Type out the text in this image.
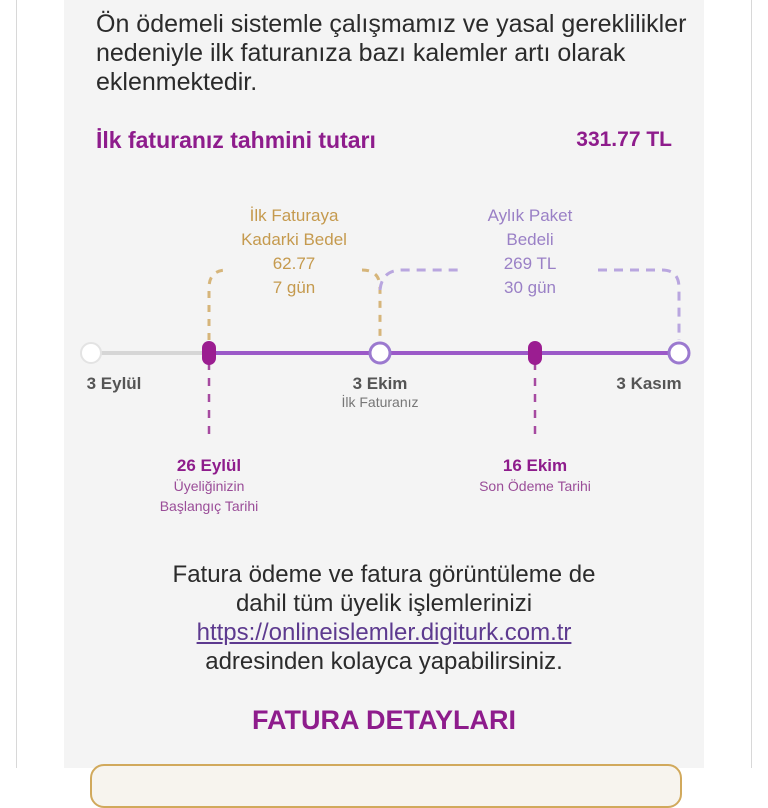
Ön ödemeli sistemle çalışmamız ve yasal gereklilikler nedeniyle ilk faturanıza bazı kalemler artı olarak eklenmektedir.
İlk faturanız tahmini tutarı	331.77 TL
İlk Faturaya
Kadarki Bedel
62.77
7 gün
Aylık Paket
Bedeli
269 TL
30 gün
3 Eylül	3 Ekim
İlk Faturanız
3 Kasım
26 Eylül
Üyeliğinizin
Başlangıç Tarihi
16 Ekim
Son Ödeme Tarihi
Fatura ödeme ve fatura görüntüleme de
dahil tüm üyelik işlemlerinizi
https://onlineislemler.digiturk.com.tr
adresinden kolayca yapabilirsiniz.
FATURA DETAYLARI
